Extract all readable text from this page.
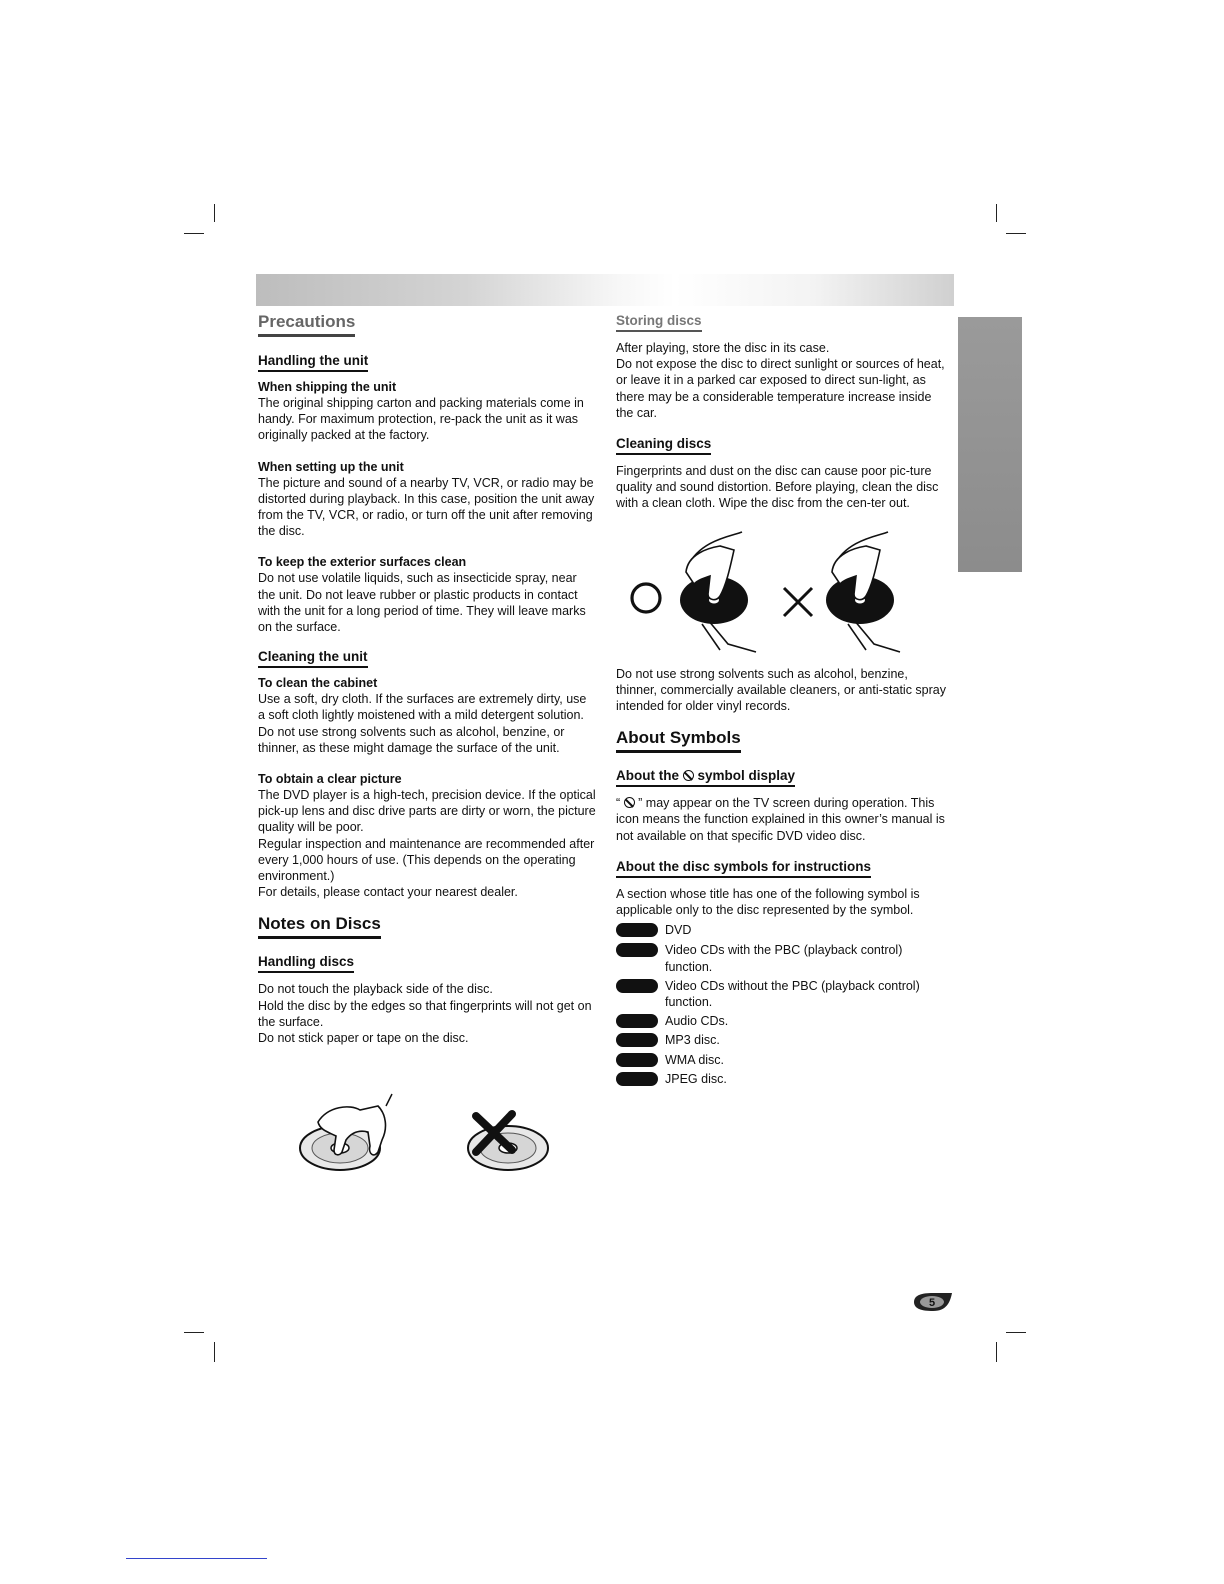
Precautions
Handling the unit

When shipping the unit

The original shipping carton and packing materials come in handy. For maximum protection, re-pack the unit as it was originally packed at the factory.

When setting up the unit

The picture and sound of a nearby TV, VCR, or radio may be distorted during playback. In this case, position the unit away from the TV, VCR, or radio, or turn off the unit after removing the disc.

To keep the exterior surfaces clean

Do not use volatile liquids, such as insecticide spray, near the unit. Do not leave rubber or plastic products in contact with the unit for a long period of time. They will leave marks on the surface.

Cleaning the unit

To clean the cabinet

Use a soft, dry cloth. If the surfaces are extremely dirty, use a soft cloth lightly moistened with a mild detergent solution. Do not use strong solvents such as alcohol, benzine, or thinner, as these might damage the surface of the unit.

To obtain a clear picture

The DVD player is a high-tech, precision device. If the optical pick-up lens and disc drive parts are dirty or worn, the picture quality will be poor.

Regular inspection and maintenance are recommended after every 1,000 hours of use. (This depends on the operating environment.)

For details, please contact your nearest dealer.

Notes on Discs
Handling discs

Do not touch the playback side of the disc.

Hold the disc by the edges so that fingerprints will not get on the surface.

Do not stick paper or tape on the disc.

Storing discs

After playing, store the disc in its case.

Do not expose the disc to direct sunlight or sources of heat, or leave it in a parked car exposed to direct sun-light, as there may be a considerable temperature increase inside the car.

Cleaning discs

Fingerprints and dust on the disc can cause poor pic-ture quality and sound distortion. Before playing, clean the disc with a clean cloth. Wipe the disc from the cen-ter out.

Do not use strong solvents such as alcohol, benzine, thinner, commercially available cleaners, or anti-static spray intended for older vinyl records.

About Symbols
About the symbol display

“ ” may appear on the TV screen during operation. This icon means the function explained in this owner’s manual is not available on that specific DVD video disc.

About the disc symbols for instructions

A section whose title has one of the following symbol is applicable only to the disc represented by the symbol.

DVD
Video CDs with the PBC (playback control) function.
Video CDs without the PBC (playback control) function.
Audio CDs.
MP3 disc.
WMA disc.
JPEG disc.
5
